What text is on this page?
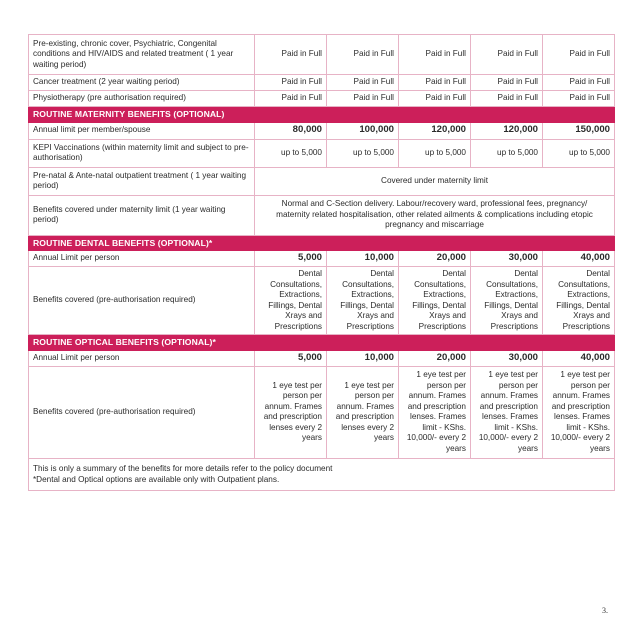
Pre-existing, chronic cover, Psychiatric, Congenital conditions and HIV/AIDS and related treatment ( 1 year waiting period)	Paid in Full	Paid in Full	Paid in Full	Paid in Full	Paid in Full
Cancer treatment (2 year waiting period)	Paid in Full	Paid in Full	Paid in Full	Paid in Full	Paid in Full
Physiotherapy (pre authorisation required)	Paid in Full	Paid in Full	Paid in Full	Paid in Full	Paid in Full
ROUTINE MATERNITY BENEFITS (OPTIONAL)					
Annual limit per member/spouse	80,000	100,000	120,000	120,000	150,000
KEPI Vaccinations (within maternity limit and subject to pre-authorisation)	up to 5,000	up to 5,000	up to 5,000	up to 5,000	up to 5,000
Pre-natal & Ante-natal outpatient treatment ( 1 year waiting period)	Covered under maternity limit				
Benefits covered under maternity limit (1 year waiting period)	Normal and C-Section delivery. Labour/recovery ward, professional fees, pregnancy/ maternity related hospitalisation, other related ailments & complications including etopic pregnancy and miscarriage				
ROUTINE DENTAL BENEFITS (OPTIONAL)*					
Annual Limit per person	5,000	10,000	20,000	30,000	40,000
Benefits covered (pre-authorisation required)	Dental Consultations, Extractions, Fillings, Dental Xrays and Prescriptions	Dental Consultations, Extractions, Fillings, Dental Xrays and Prescriptions	Dental Consultations, Extractions, Fillings, Dental Xrays and Prescriptions	Dental Consultations, Extractions, Fillings, Dental Xrays and Prescriptions	Dental Consultations, Extractions, Fillings, Dental Xrays and Prescriptions
ROUTINE OPTICAL BENEFITS (OPTIONAL)*					
Annual Limit per person	5,000	10,000	20,000	30,000	40,000
Benefits covered (pre-authorisation required)	1 eye test per person per annum. Frames and prescription lenses every 2 years	1 eye test per person per annum. Frames and prescription lenses every 2 years	1 eye test per person per annum. Frames and prescription lenses. Frames limit - KShs. 10,000/- every 2 years	1 eye test per person per annum. Frames and prescription lenses. Frames limit - KShs. 10,000/- every 2 years	1 eye test per person per annum. Frames and prescription lenses. Frames limit - KShs. 10,000/- every 2 years

This is only a summary of the benefits for more details refer to the policy document
*Dental and Optical options are available only with Outpatient plans.					
3.
